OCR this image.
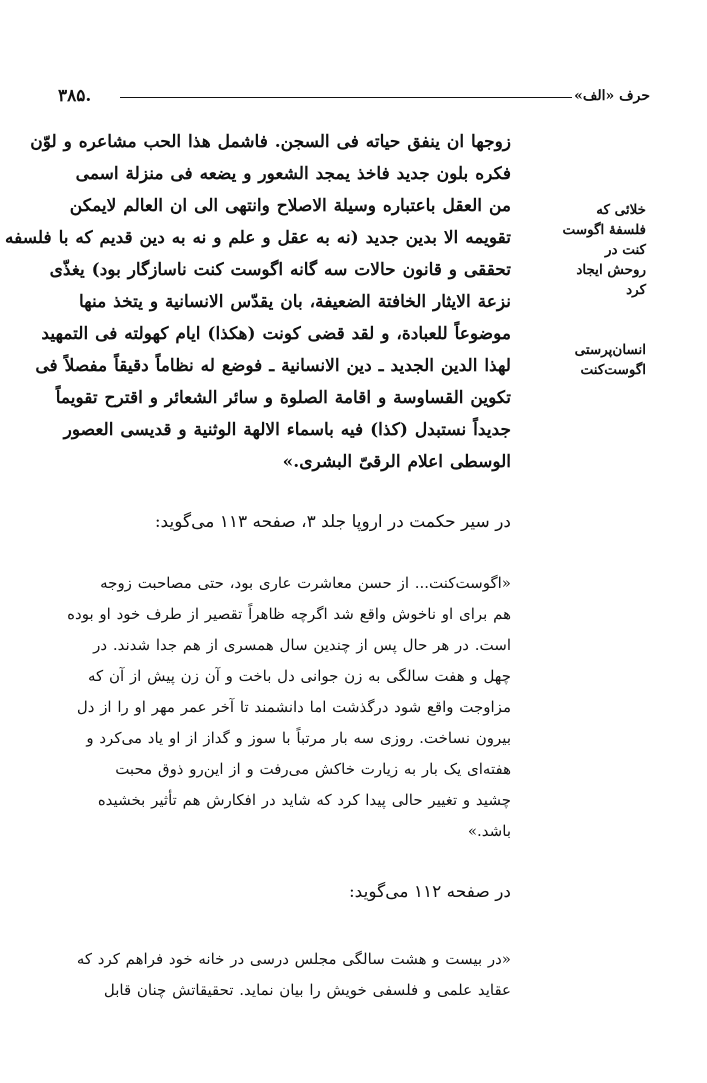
حرف «الف»
۳۸۵.
زوجها ان ينفق حياته فى السجن. فاشمل هذا الحب مشاعره و لوّن
فكره بلون جديد فاخذ يمجد الشعور و يضعه فى منزلة اسمى
من العقل باعتباره وسيلة الاصلاح وانتهى الى ان العالم لايمكن
تقويمه الا بدين جديد (نه به عقل و علم و نه به دين قديم كه با فلسفه
تحققى و قانون حالات سه گانه اگوست كنت ناسازگار بود) يغذّى
نزعة الايثار الخافتة الضعيفة، بان يقدّس الانسانية و يتخذ منها
موضوعاً للعبادة، و لقد قضى كونت (هكذا) ايام كهولته فى التمهيد
لهذا الدين الجديد ـ دين الانسانية ـ فوضع له نظاماً دقيقاً مفصلاً فى
تكوين القساوسة و اقامة الصلوة و سائر الشعائر و اقترح تقويماً
جديداً نستبدل (كذا) فيه باسماء الالهة الوثنية و قديسى العصور
الوسطى اعلام الرقىّ البشرى.»
خلائى كه
فلسفهٔ اگوست
كنت در
روحش ايجاد
كرد
انسان‌پرستى
اگوست‌كنت
در سیر حکمت در اروپا جلد ۳، صفحه ۱۱۳ می‌گوید:
«اگوست‌کنت... از حسن معاشرت عاری بود، حتی مصاحبت زوجه
هم برای او ناخوش واقع شد اگرچه ظاهراً تقصیر از طرف خود او بوده
است. در هر حال پس از چندین سال همسری از هم جدا شدند. در
چهل و هفت سالگی به زن جوانی دل باخت و آن زن پیش از آن که
مزاوجت واقع شود درگذشت اما دانشمند تا آخر عمر مهر او را از دل
بیرون نساخت. روزی سه بار مرتباً با سوز و گداز از او یاد می‌کرد و
هفته‌ای یک بار به زیارت خاکش می‌رفت و از این‌رو ذوق محبت
چشید و تغییر حالی پیدا کرد که شاید در افکارش هم تأثیر بخشیده
باشد.»
در صفحه ۱۱۲ می‌گوید:
«در بیست و هشت سالگی مجلس درسی در خانه خود فراهم کرد که
عقاید علمی و فلسفی خویش را بیان نماید. تحقیقاتش چنان قابل
